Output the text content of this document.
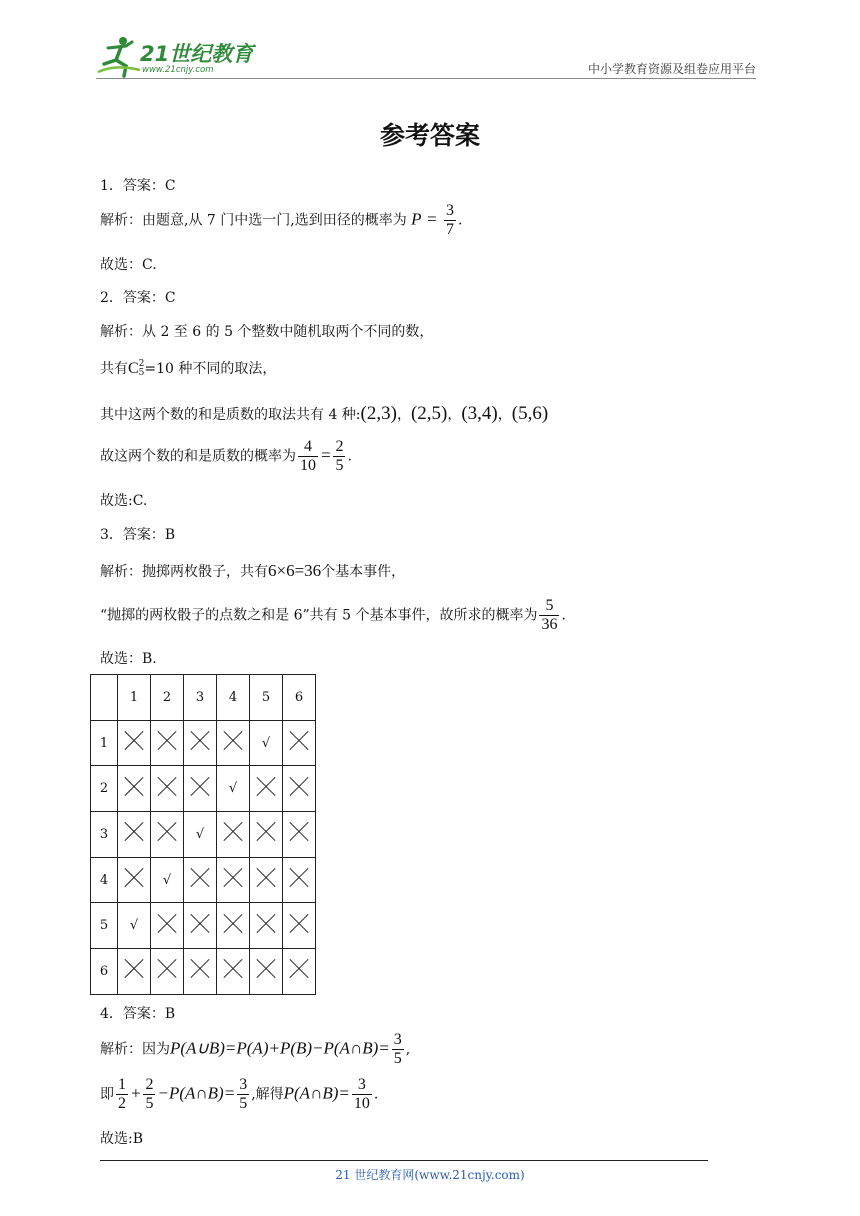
21世纪教育
www.21cnjy.com	中小学教育资源及组卷应用平台
参考答案
1．答案：C
解析：由题意,从 7 门中选一门,选到田径的概率为 $P = \frac{3}{7}$ .
故选：C.
2．答案：C
解析：从 2 至 6 的 5 个整数中随机取两个不同的数，
共有C 2
5 =10 种不同的取法，
其中这两个数的和是质数的取法共有 4 种:(2,3)，(2,5)，(3,4)，(5,6)
故这两个数的和是质数的概率为 $\frac{4}{10} = \frac{2}{5}$ .
故选:C.
3．答案：B
解析：抛掷两枚骰子，共有6×6=36个基本事件，
“抛掷的两枚骰子的点数之和是 6”共有 5 个基本事件，故所求的概率为 $\frac{5}{36}$ .
故选：B.
	1	2	3	4	5	6
1					√	
2				√		
3			√			
4		√				
5	√					
6						
4．答案：B
解析：因为P(A∪B)=P(A)+P(B)−P(A∩B)= $\frac{3}{5}$ ,
即 $\frac{1}{2} + \frac{2}{5}$ −P(A∩B)= $\frac{3}{5}$ ,解得P(A∩B)= $\frac{3}{10}$ .
故选:B
21 世纪教育网(www.21cnjy.com)
